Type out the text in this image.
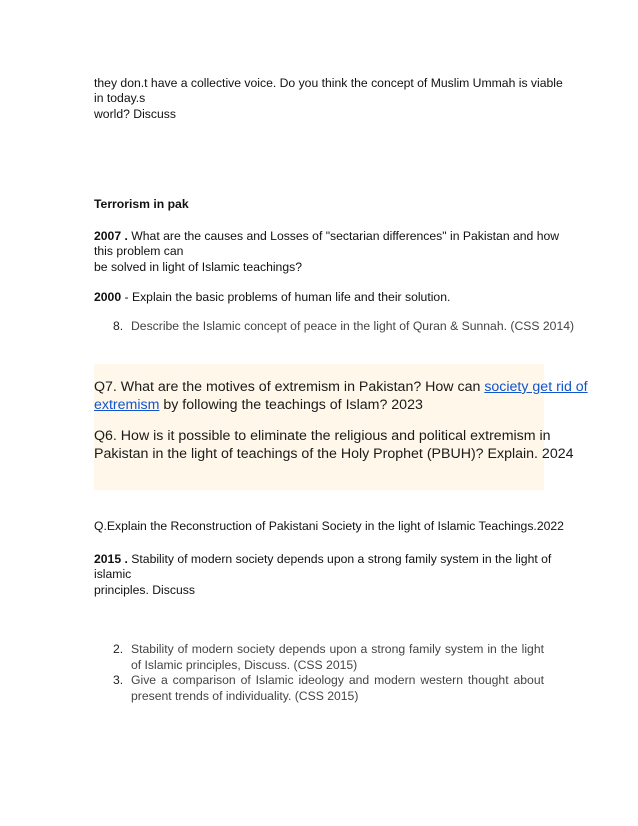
they don.t have a collective voice. Do you think the concept of Muslim Ummah is viable

in today.s

world? Discuss

Terrorism in pak

2007 . What are the causes and Losses of "sectarian differences" in Pakistan and how

this problem can

be solved in light of Islamic teachings?

2000 - Explain the basic problems of human life and their solution.

8. Describe the Islamic concept of peace in the light of Quran & Sunnah. (CSS 2014)
Q7. What are the motives of extremism in Pakistan? How can society get rid of
extremism by following the teachings of Islam? 2023
Q6. How is it possible to eliminate the religious and political extremism in
Pakistan in the light of teachings of the Holy Prophet (PBUH)? Explain. 2024

Q.Explain the Reconstruction of Pakistani Society in the light of Islamic Teachings.2022

2015 . Stability of modern society depends upon a strong family system in the light of

islamic

principles. Discuss

2. Stability of modern society depends upon a strong family system in the light of Islamic principles, Discuss. (CSS 2015)
3. Give a comparison of Islamic ideology and modern western thought about present trends of individuality. (CSS 2015)
